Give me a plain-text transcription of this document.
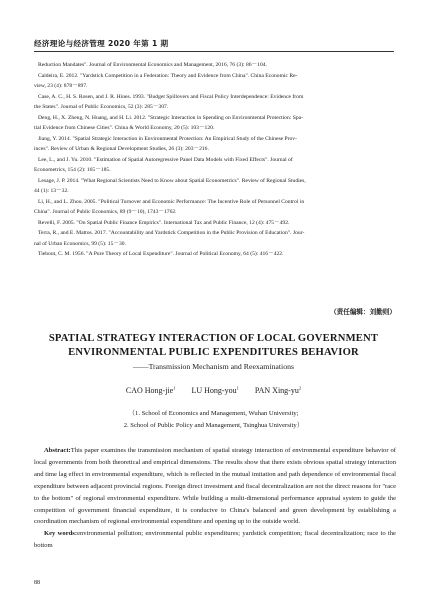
经济理论与经济管理 2020 年第 1 期

Reduction Mandates". Journal of Environmental Economics and Management, 2016, 76 (3): 86－104.

Caldeira, E. 2012. "Yardstick Competition in a Federation: Theory and Evidence from China". China Economic Re-

view, 23 (4): 878－897.

Case, A. C., H. S. Rosen, and J. R. Hines. 1993. "Budget Spillovers and Fiscal Policy Interdependence: Evidence from

the States". Journal of Public Economics, 52 (3): 285－307.

Deng, H., X. Zheng, N. Huang, and H. Li. 2012. "Strategic Interaction in Spending on Environmental Protection: Spa-

tial Evidence from Chinese Cities". China & World Economy, 20 (5): 103－120.

Jiang, Y. 2014. "Spatial Strategic Interaction in Environmental Protection: An Empirical Study of the Chinese Prov-

inces". Review of Urban & Regional Development Studies, 26 (3): 203－216.

Lee, L., and J. Yu. 2010. "Estimation of Spatial Autoregressive Panel Data Models with Fixed Effects". Journal of

Econometrics, 154 (2): 165－185.

Lesage, J. P. 2014. "What Regional Scientists Need to Know about Spatial Econometrics". Review of Regional Studies,

44 (1): 13－32.

Li, H., and L. Zhou. 2005. "Political Turnover and Economic Performance: The Incentive Role of Personnel Control in

China". Journal of Public Economics, 89 (9－10), 1743－1762.

Revelli, F. 2005. "On Spatial Public Finance Empirics". International Tax and Public Finance, 12 (4): 475－492.

Terra, R., and E. Mattos. 2017. "Accountability and Yardstick Competition in the Public Provision of Education". Jour-

nal of Urban Economics, 99 (5): 15－30.

Tiebout, C. M. 1956. "A Pure Theory of Local Expenditure". Journal of Political Economy, 64 (5): 416－422.

（责任编辑：刘勤则）
SPATIAL STRATEGY INTERACTION OF LOCAL GOVERNMENT
ENVIRONMENTAL PUBLIC EXPENDITURES BEHAVIOR
——Transmission Mechanism and Reexaminations
CAO Hong-jie$^1$ LU Hong-you$^1$ PAN Xing-$yu^2$
（1. School of Economics and Management, Wuhan University;
2. School of Public Policy and Management, Tsinghua University）

Abstract:This paper examines the transmission mechanism of spatial strategy interaction of environmental expenditure behavior of local governments from both theoretical and empirical dimensions. The results show that there exists obvious spatial strategy interaction and time lag effect in environmental expenditure, which is reflected in the mutual imitation and path dependence of environmental fiscal expenditure between adjacent provincial regions. Foreign direct investment and fiscal decentralization are not the direct reasons for "race to the bottom" of regional environmental expenditure. While building a multi-dimensional performance appraisal system to guide the competition of government financial expenditure, it is conducive to China's balanced and green development by establishing a coordination mechanism of regional environmental expenditure and opening up to the outside world.

Key words:environmental pollution; environmental public expenditures; yardstick competition; fiscal decentralization; race to the bottom

88
